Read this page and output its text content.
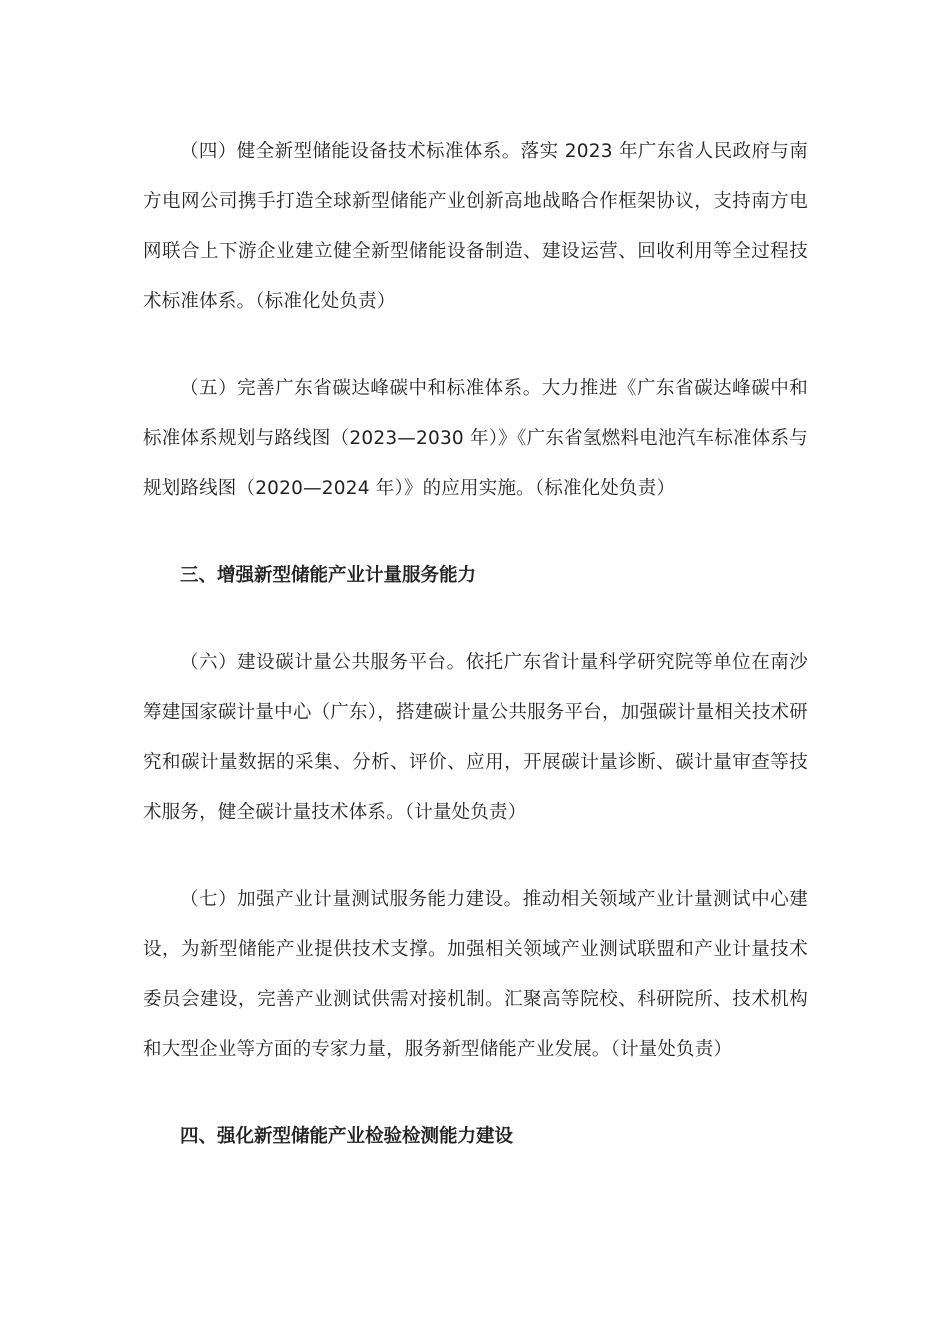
（四）健全新型储能设备技术标准体系。落实 2023 年广东省人民政府与南方电网公司携手打造全球新型储能产业创新高地战略合作框架协议，支持南方电网联合上下游企业建立健全新型储能设备制造、建设运营、回收利用等全过程技术标准体系。（标准化处负责）

（五）完善广东省碳达峰碳中和标准体系。大力推进《广东省碳达峰碳中和标准体系规划与路线图（2023—2030 年）》《广东省氢燃料电池汽车标准体系与规划路线图（2020—2024 年）》的应用实施。（标准化处负责）

三、增强新型储能产业计量服务能力

（六）建设碳计量公共服务平台。依托广东省计量科学研究院等单位在南沙筹建国家碳计量中心（广东），搭建碳计量公共服务平台，加强碳计量相关技术研究和碳计量数据的采集、分析、评价、应用，开展碳计量诊断、碳计量审查等技术服务，健全碳计量技术体系。（计量处负责）

（七）加强产业计量测试服务能力建设。推动相关领域产业计量测试中心建设，为新型储能产业提供技术支撑。加强相关领域产业测试联盟和产业计量技术委员会建设，完善产业测试供需对接机制。汇聚高等院校、科研院所、技术机构和大型企业等方面的专家力量，服务新型储能产业发展。（计量处负责）

四、强化新型储能产业检验检测能力建设
